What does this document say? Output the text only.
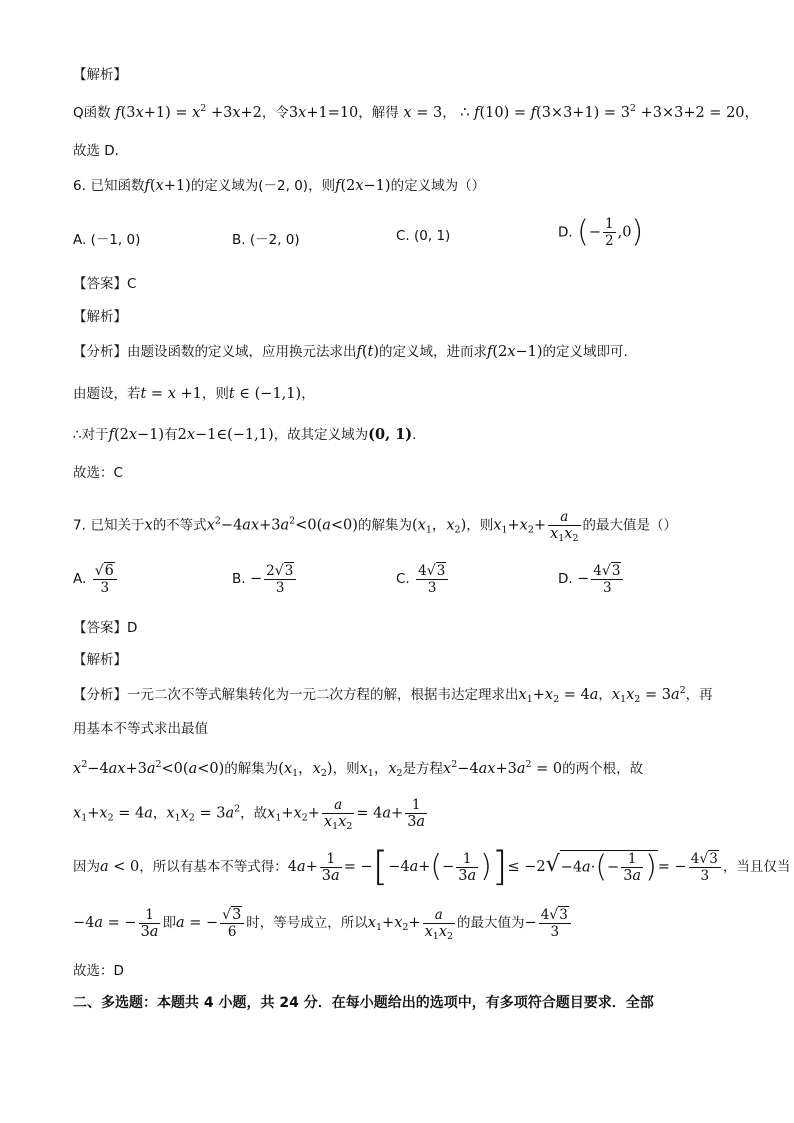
【解析】
Q函数 $f(3x+1) = x^2 +3x+2$，令3x+1=10，解得 x = 3， ∴ $f(10) = f(3\times 3+1) = 3^2 +3\times 3+2 = 20$，
故选 D.
6. 已知函数f(x+1)的定义域为(－2, 0)，则f(2x−1)的定义域为（）
A. (－1, 0)	B. (－2, 0)	C. (0, 1)	D. (− $\frac{1}{2} ,0$)
【答案】C
【解析】
【分析】由题设函数的定义域，应用换元法求出f(t)的定义域，进而求f(2x−1)的定义域即可.
由题设，若t = x +1，则t ∈ (−1,1)，
∴对于f(2x−1)有2x−1∈(−1,1)，故其定义域为(0, 1).
故选：C
7. 已知关于x的不等式$x^2-4ax+3a^2<0(a<0)$的解集为($x_1$，$x_2$)，则$x_1+x_2+ \frac{a}{x_1x_2}$ 的最大值是（）
A. $\frac{√6}{3}$	B. − $\frac{2√3}{3}$	C. $\frac{4√3}{3}$	D. − $\frac{4√3}{3}$
【答案】D
【解析】
【分析】一元二次不等式解集转化为一元二次方程的解，根据韦达定理求出$x_1+x_2 = 4a$，$x_1x_2 = 3a^2$，再
用基本不等式求出最值
$x^2-4ax+3a^2<0(a<0)$的解集为($x_1$，$x_2$)，则$x_1$，$x_2$是方程$x^2-4ax+3a^2 = 0$的两个根，故
$x_1+x_2 = 4a$，$x_1x_2 = 3a^2$，故$x_1+x_2+ \frac{a}{x_1x_2} = 4a+ \frac{1}{3a}$
因为a < 0，所以有基本不等式得：$4a+ \frac{1}{3a} = -[-4a+(- \frac{1}{3a}$ )]≤ $-2√-4a\cdot(- \frac{1}{3a}$ )= − $\frac{4√3}{3}$ ，当且仅当
−4a = − $\frac{1}{3a}$ 即a = − $\frac{√3}{6}$ 时，等号成立，所以$x_1+x_2+ \frac{a}{x_1x_2}$ 的最大值为− $\frac{4√3}{3}$
故选：D
二、多选题：本题共 4 小题，共 24 分．在每小题给出的选项中，有多项符合题目要求．全部
